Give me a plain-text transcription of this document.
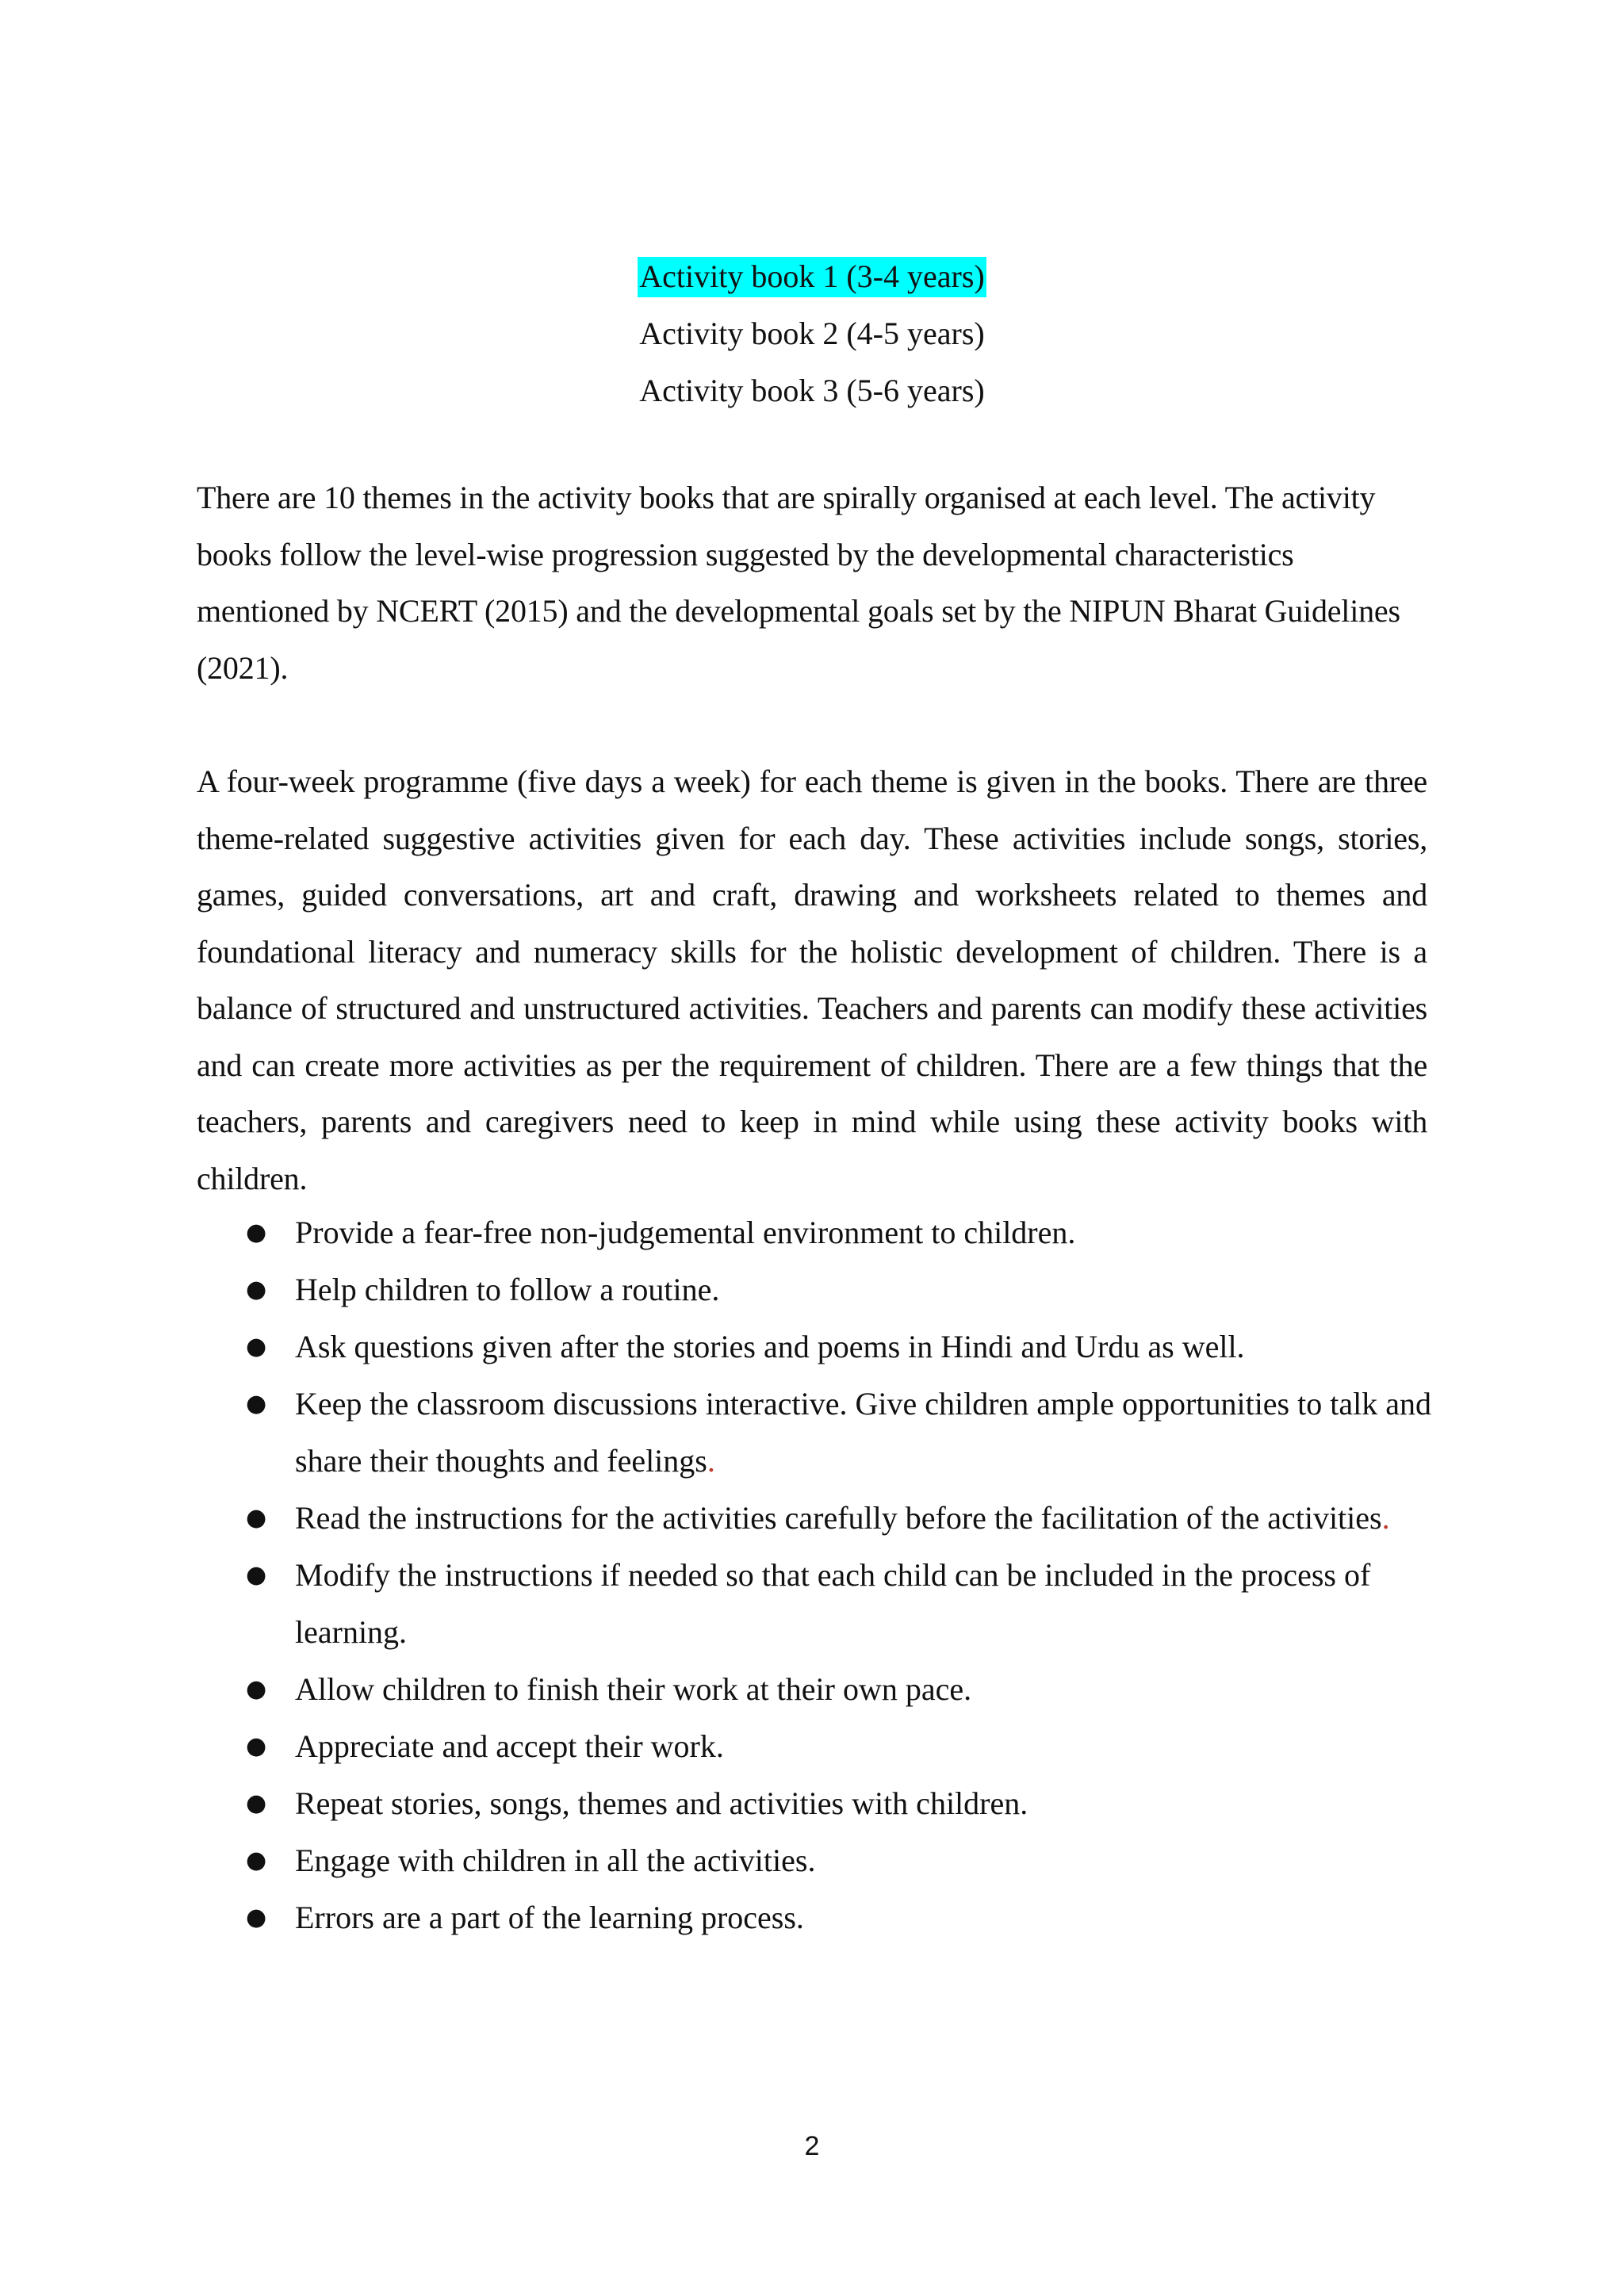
Activity book 1 (3-4 years)
Activity book 2 (4-5 years)
Activity book 3 (5-6 years)

There are 10 themes in the activity books that are spirally organised at each level. The activity books follow the level-wise progression suggested by the developmental characteristics mentioned by NCERT (2015) and the developmental goals set by the NIPUN Bharat Guidelines (2021).

A four-week programme (five days a week) for each theme is given in the books. There are three theme-related suggestive activities given for each day. These activities include songs, stories, games, guided conversations, art and craft, drawing and worksheets related to themes and foundational literacy and numeracy skills for the holistic development of children. There is a balance of structured and unstructured activities. Teachers and parents can modify these activities and can create more activities as per the requirement of children. There are a few things that the teachers, parents and caregivers need to keep in mind while using these activity books with children.

● Provide a fear-free non-judgemental environment to children.
● Help children to follow a routine.
● Ask questions given after the stories and poems in Hindi and Urdu as well.
● Keep the classroom discussions interactive. Give children ample opportunities to talk and share their thoughts and feelings.
● Read the instructions for the activities carefully before the facilitation of the activities.
● Modify the instructions if needed so that each child can be included in the process of learning.
● Allow children to finish their work at their own pace.
● Appreciate and accept their work.
● Repeat stories, songs, themes and activities with children.
● Engage with children in all the activities.
● Errors are a part of the learning process.
2
